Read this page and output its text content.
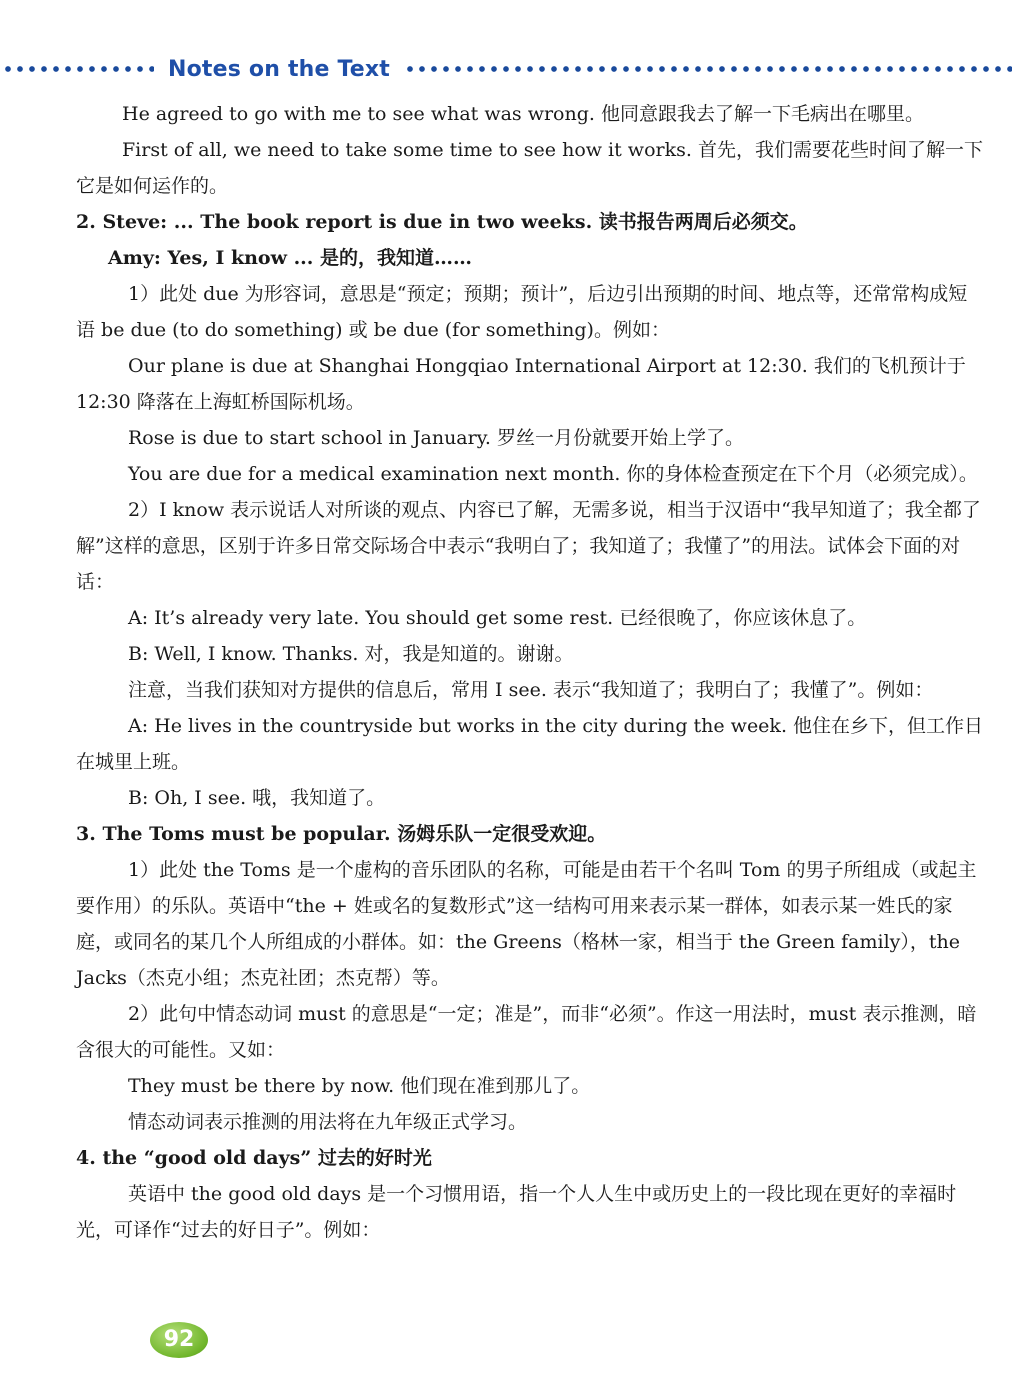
Notes on the Text

He agreed to go with me to see what was wrong. 他同意跟我去了解一下毛病出在哪里。

First of all, we need to take some time to see how it works. 首先，我们需要花些时间了解一下它是如何运作的。

2. Steve: ... The book report is due in two weeks. 读书报告两周后必须交。

Amy: Yes, I know ... 是的，我知道……

1）此处 due 为形容词，意思是“预定；预期；预计”，后边引出预期的时间、地点等，还常常构成短语 be due (to do something) 或 be due (for something)。例如：

Our plane is due at Shanghai Hongqiao International Airport at 12:30. 我们的飞机预计于 12:30 降落在上海虹桥国际机场。

Rose is due to start school in January. 罗丝一月份就要开始上学了。

You are due for a medical examination next month. 你的身体检查预定在下个月（必须完成）。

2）I know 表示说话人对所谈的观点、内容已了解，无需多说，相当于汉语中“我早知道了；我全都了解”这样的意思，区别于许多日常交际场合中表示“我明白了；我知道了；我懂了”的用法。试体会下面的对话：

A: It’s already very late. You should get some rest. 已经很晚了，你应该休息了。

B: Well, I know. Thanks. 对，我是知道的。谢谢。

注意，当我们获知对方提供的信息后，常用 I see. 表示“我知道了；我明白了；我懂了”。例如：

A: He lives in the countryside but works in the city during the week. 他住在乡下，但工作日在城里上班。

B: Oh, I see. 哦，我知道了。

3. The Toms must be popular. 汤姆乐队一定很受欢迎。

1）此处 the Toms 是一个虚构的音乐团队的名称，可能是由若干个名叫 Tom 的男子所组成（或起主要作用）的乐队。英语中“the + 姓或名的复数形式”这一结构可用来表示某一群体，如表示某一姓氏的家庭，或同名的某几个人所组成的小群体。如：the Greens（格林一家，相当于 the Green family），the Jacks（杰克小组；杰克社团；杰克帮）等。

2）此句中情态动词 must 的意思是“一定；准是”，而非“必须”。作这一用法时，must 表示推测，暗含很大的可能性。又如：

They must be there by now. 他们现在准到那儿了。

情态动词表示推测的用法将在九年级正式学习。

4. the “good old days” 过去的好时光

英语中 the good old days 是一个习惯用语，指一个人人生中或历史上的一段比现在更好的幸福时光，可译作“过去的好日子”。例如：

92
